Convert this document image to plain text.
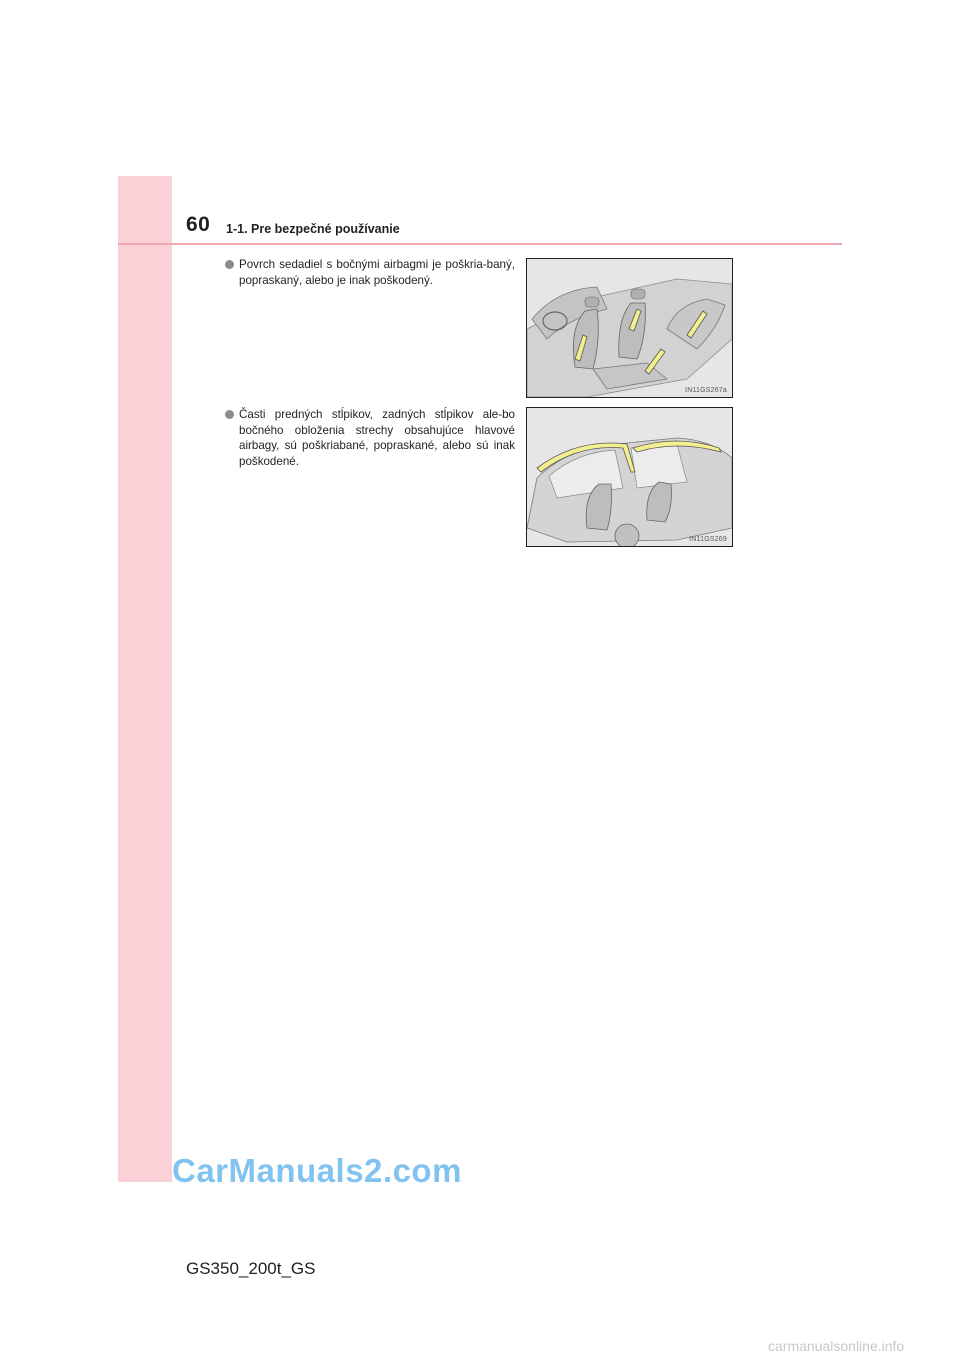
60 1-1. Pre bezpečné používanie
Povrch sedadiel s bočnými airbagmi je poškria-baný, popraskaný, alebo je inak poškodený.
IN11GS267a
Časti predných stĺpikov, zadných stĺpikov ale-bo bočného obloženia strechy obsahujúce hlavové airbagy, sú poškriabané, popraskané, alebo sú inak poškodené.
IN11GS269
CarManuals2.com
GS350_200t_GS
carmanualsonline.info
